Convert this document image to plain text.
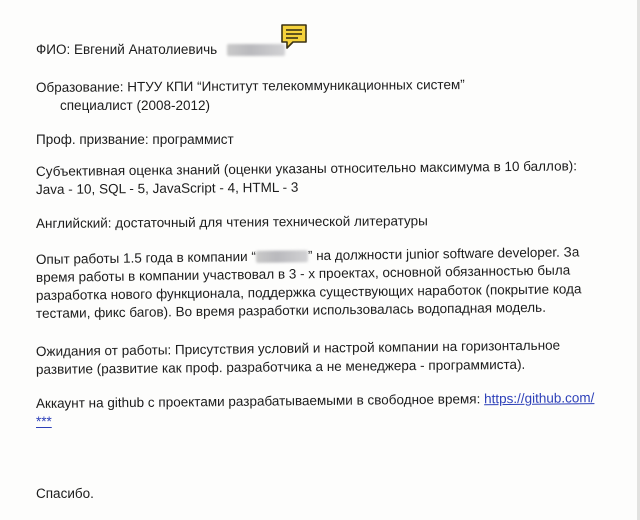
ФИО: Евгений Анатолиевичь
Образование: НТУУ КПИ “Институт телекоммуникационных систем”
специалист (2008-2012)
Проф. призвание: программист
Субъективная оценка знаний (оценки указаны относительно максимума в 10 баллов):
Java - 10, SQL - 5, JavaScript - 4, HTML - 3
Английский: достаточный для чтения технической литературы
Опыт работы 1.5 года в компании “	” на должности junior software developer. За
время работы в компании участвовал в 3 - х проектах, основной обязанностью была
разработка нового функционала, поддержка существующих наработок (покрытие кода
тестами, фикс багов). Во время разработки использовалась водопадная модель.
Ожидания от работы: Присутствия условий и настрой компании на горизонтальное
развитие (развитие как проф. разработчика а не менеджера - программиста).
Аккаунт на github с проектами разрабатываемыми в свободное время: https://github.com/
***
Спасибо.
